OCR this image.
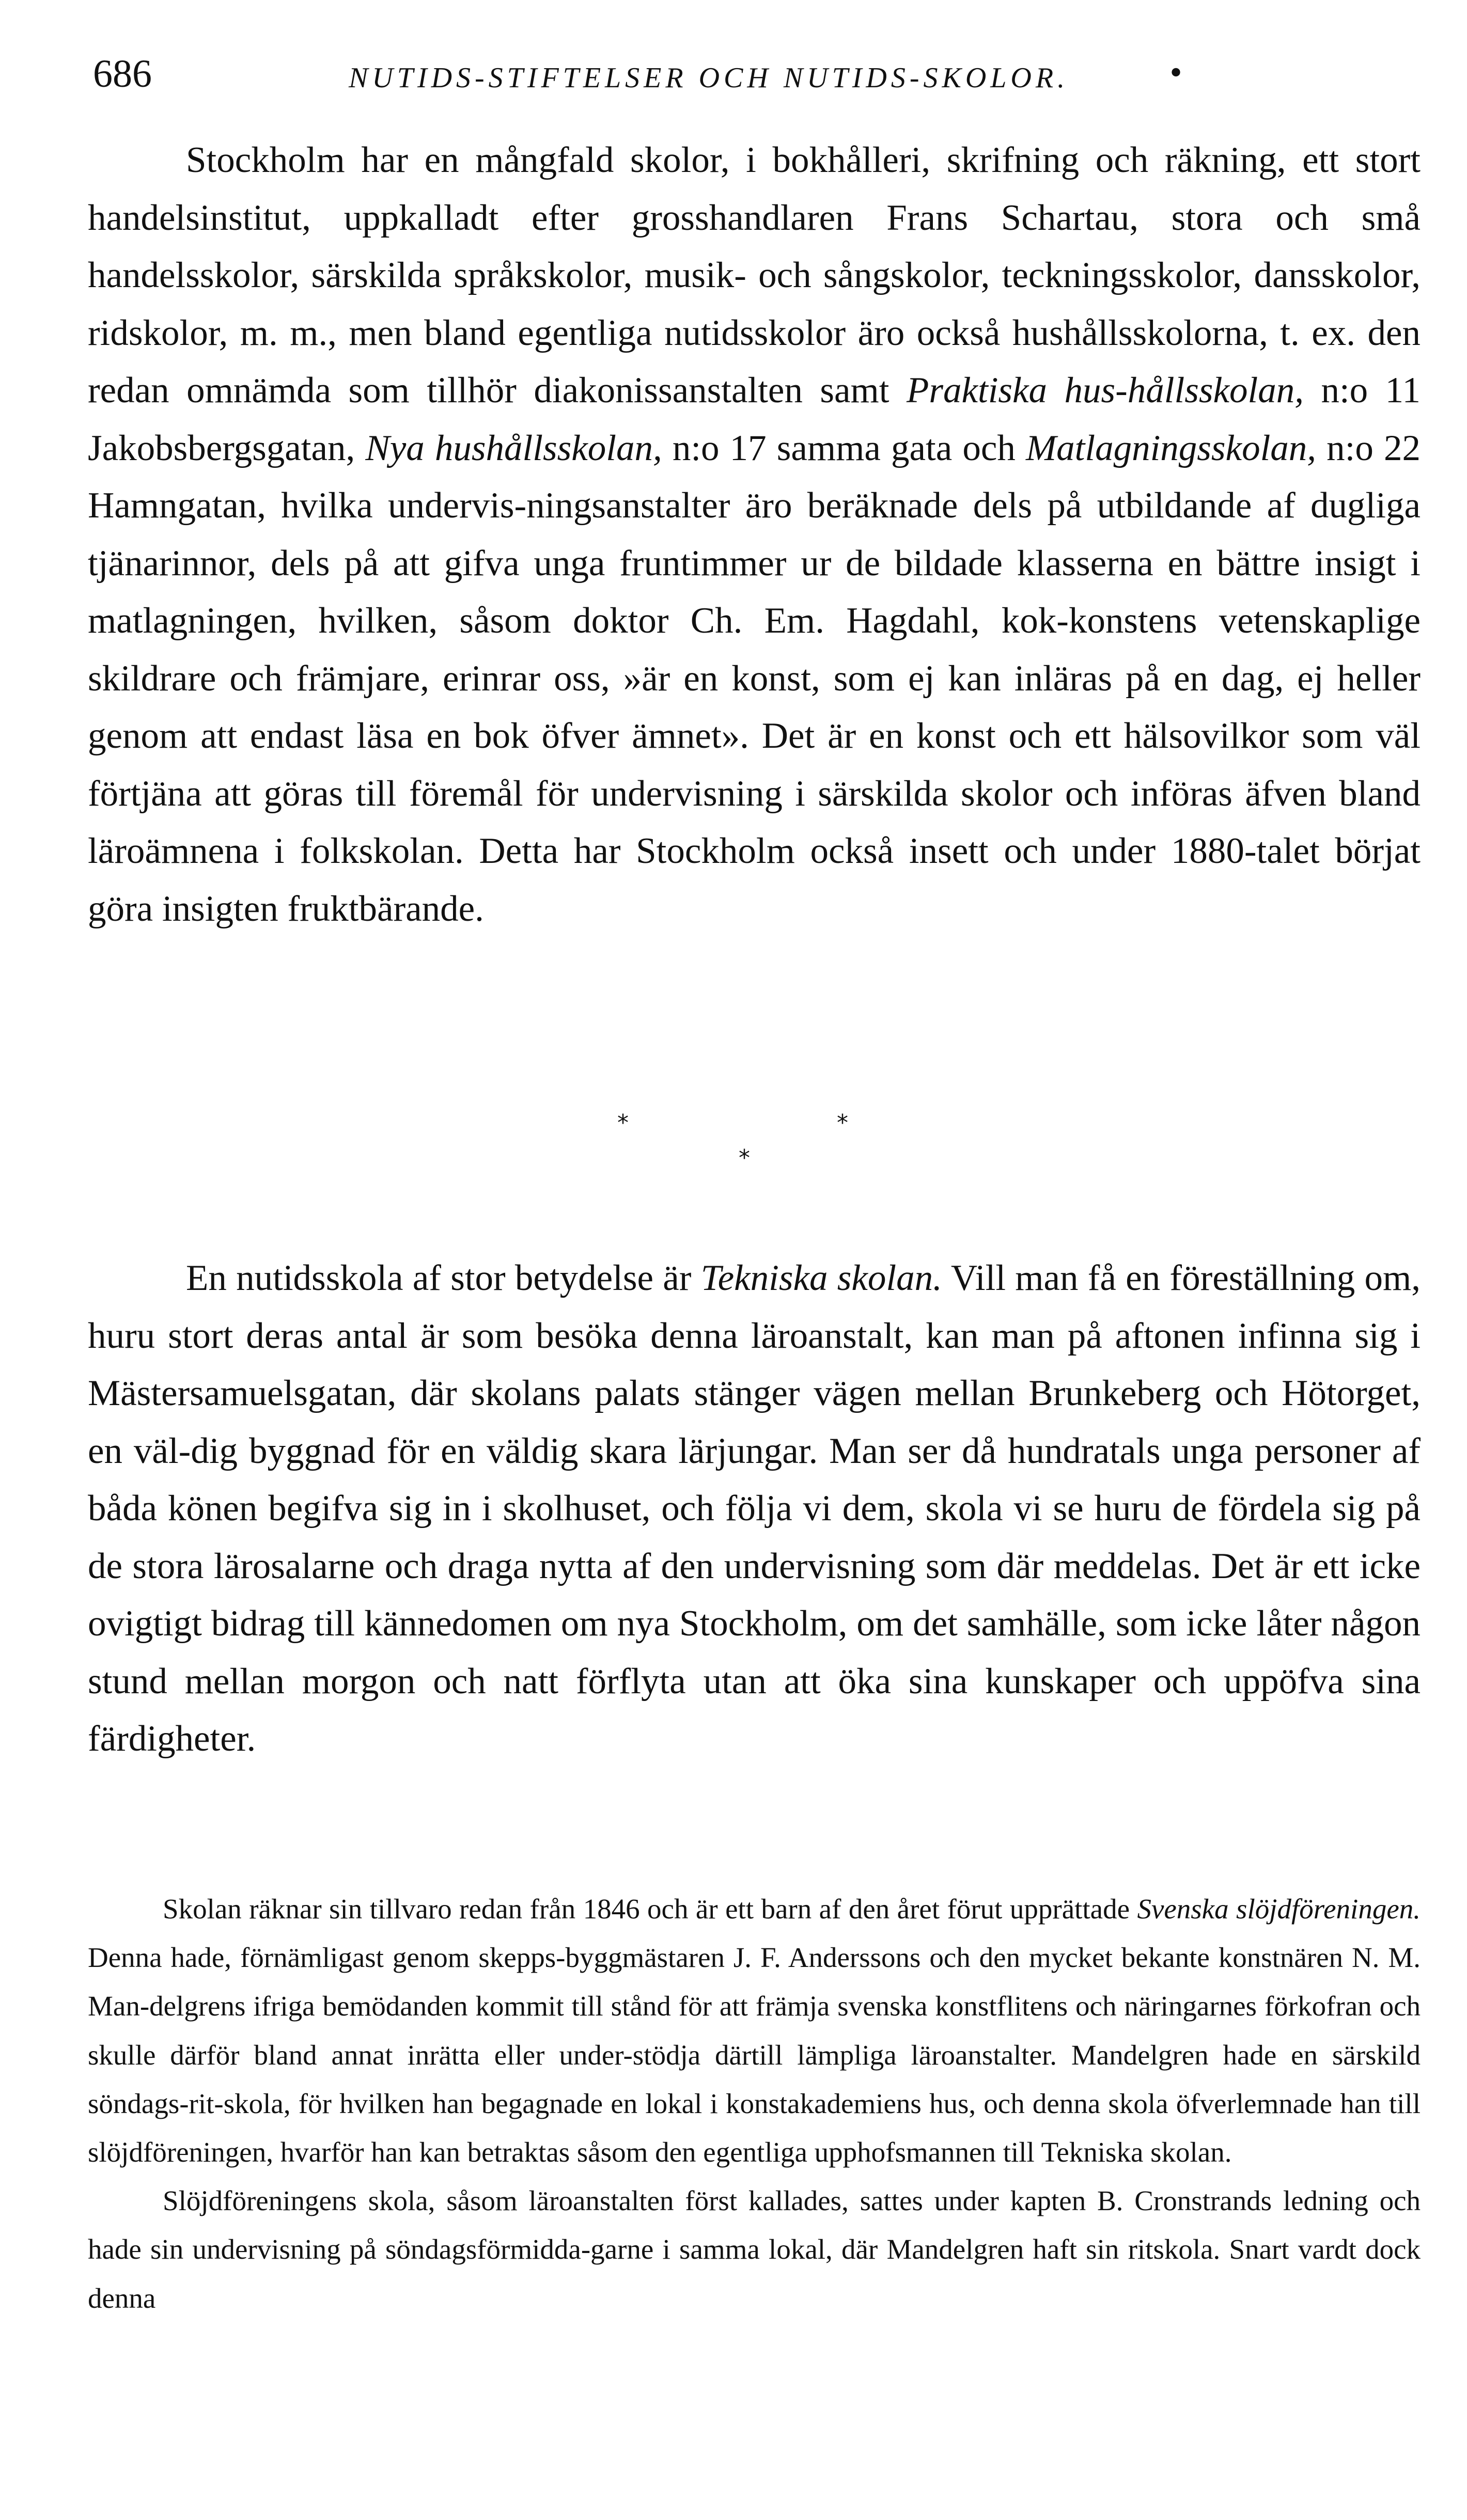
686	NUTIDS-STIFTELSER OCH NUTIDS-SKOLOR.	•

Stockholm har en mångfald skolor, i bokhålleri, skrifning och räkning, ett stort handelsinstitut, uppkalladt efter grosshandlaren Frans Schartau, stora och små handelsskolor, särskilda språkskolor, musik- och sångskolor, teckningsskolor, dansskolor, ridskolor, m. m., men bland egentliga nutidsskolor äro också hushållsskolorna, t. ex. den redan omnämda som tillhör diakonissanstalten samt Praktiska hus-hållsskolan, n:o 11 Jakobsbergsgatan, Nya hushållsskolan, n:o 17 samma gata och Matlagningsskolan, n:o 22 Hamngatan, hvilka undervis-ningsanstalter äro beräknade dels på utbildande af dugliga tjänarinnor, dels på att gifva unga fruntimmer ur de bildade klasserna en bättre insigt i matlagningen, hvilken, såsom doktor Ch. Em. Hagdahl, kok-konstens vetenskaplige skildrare och främjare, erinrar oss, »är en konst, som ej kan inläras på en dag, ej heller genom att endast läsa en bok öfver ämnet». Det är en konst och ett hälsovilkor som väl förtjäna att göras till föremål för undervisning i särskilda skolor och införas äfven bland läroämnena i folkskolan. Detta har Stockholm också insett och under 1880-talet börjat göra insigten fruktbärande.

*	*
*

En nutidsskola af stor betydelse är Tekniska skolan. Vill man få en föreställning om, huru stort deras antal är som besöka denna läroanstalt, kan man på aftonen infinna sig i Mästersamuelsgatan, där skolans palats stänger vägen mellan Brunkeberg och Hötorget, en väl-dig byggnad för en väldig skara lärjungar. Man ser då hundratals unga personer af båda könen begifva sig in i skolhuset, och följa vi dem, skola vi se huru de fördela sig på de stora lärosalarne och draga nytta af den undervisning som där meddelas. Det är ett icke ovigtigt bidrag till kännedomen om nya Stockholm, om det samhälle, som icke låter någon stund mellan morgon och natt förflyta utan att öka sina kunskaper och uppöfva sina färdigheter.

Skolan räknar sin tillvaro redan från 1846 och är ett barn af den året förut upprättade Svenska slöjdföreningen. Denna hade, förnämligast genom skepps-byggmästaren J. F. Anderssons och den mycket bekante konstnären N. M. Man-delgrens ifriga bemödanden kommit till stånd för att främja svenska konstflitens och näringarnes förkofran och skulle därför bland annat inrätta eller under-stödja därtill lämpliga läroanstalter. Mandelgren hade en särskild söndags-rit-skola, för hvilken han begagnade en lokal i konstakademiens hus, och denna skola öfverlemnade han till slöjdföreningen, hvarför han kan betraktas såsom den egentliga upphofsmannen till Tekniska skolan.

Slöjdföreningens skola, såsom läroanstalten först kallades, sattes under kapten B. Cronstrands ledning och hade sin undervisning på söndagsförmidda-garne i samma lokal, där Mandelgren haft sin ritskola. Snart vardt dock denna
